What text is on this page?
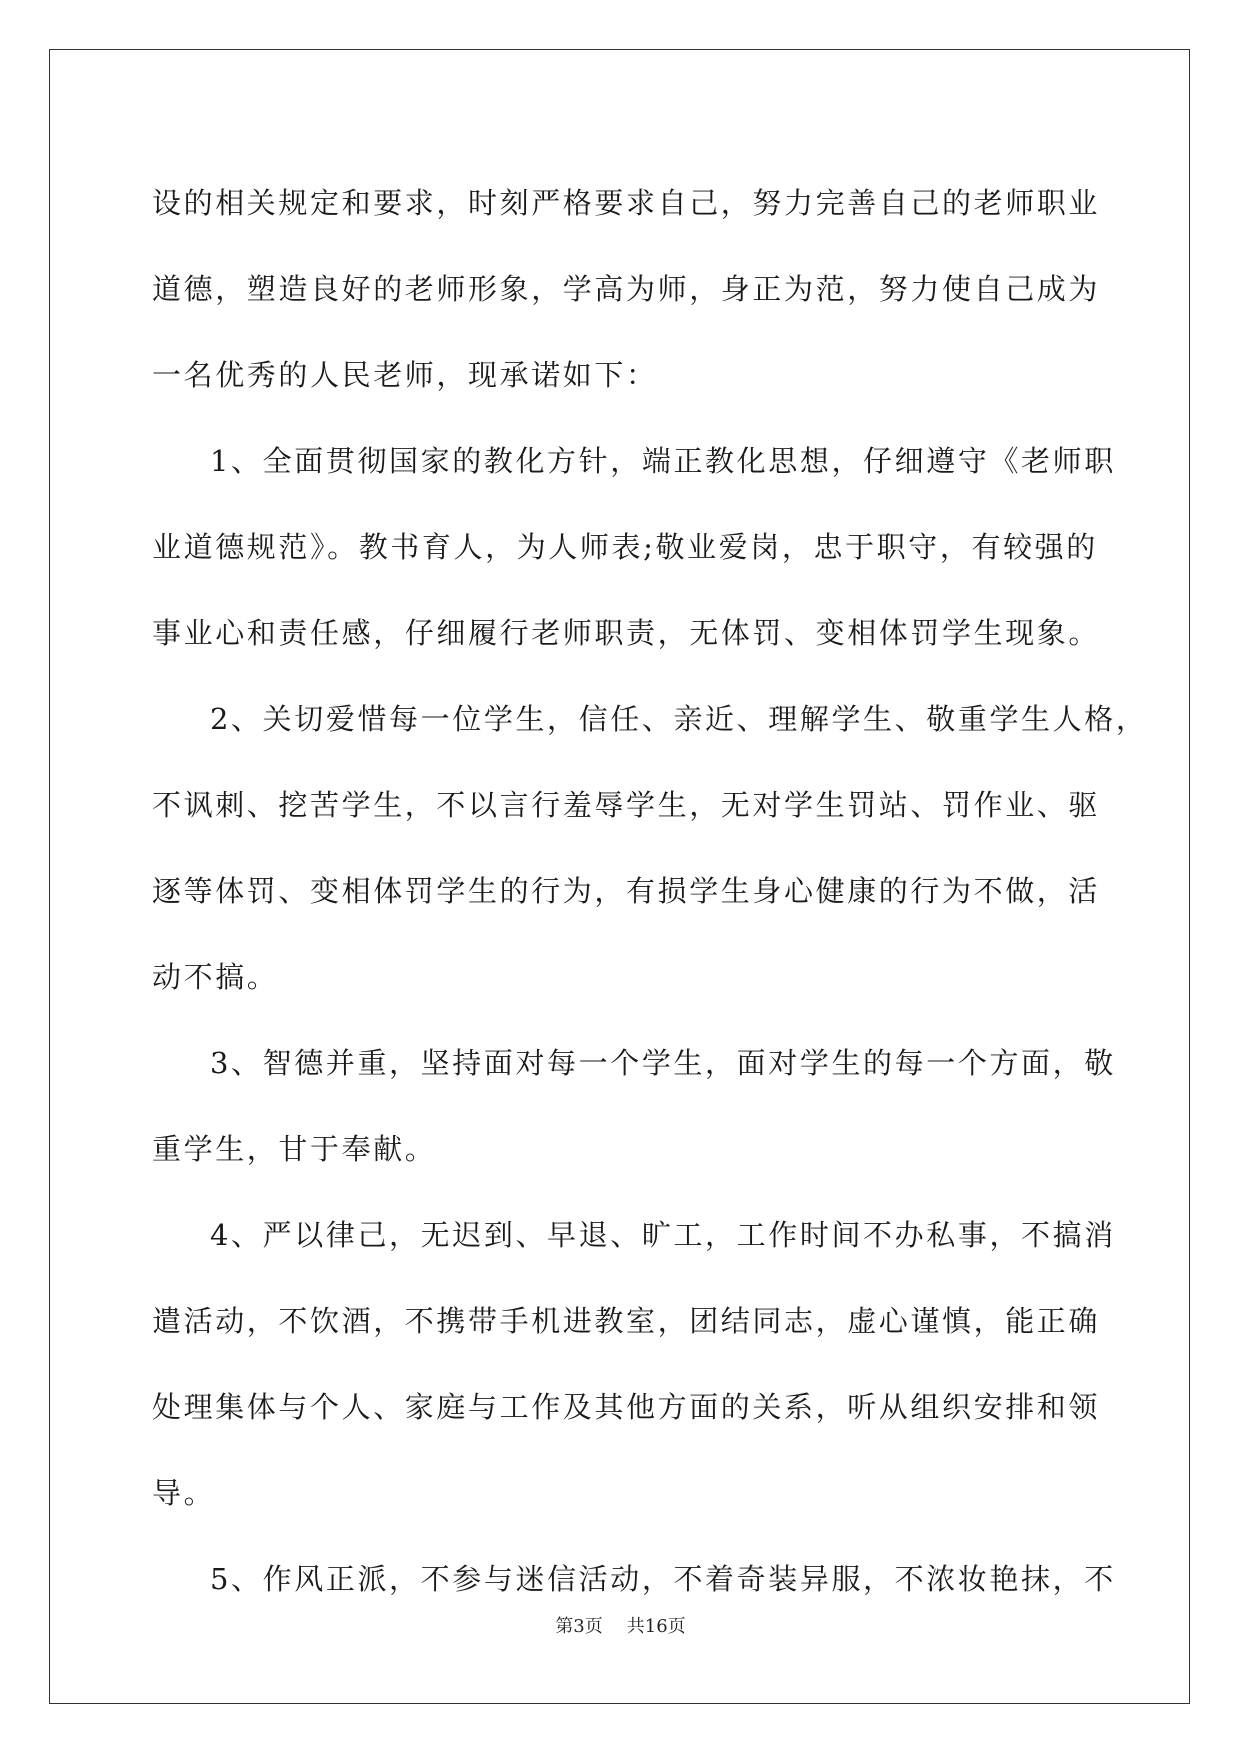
设的相关规定和要求，时刻严格要求自己，努力完善自己的老师职业
道德，塑造良好的老师形象，学高为师，身正为范，努力使自己成为
一名优秀的人民老师，现承诺如下：
1、全面贯彻国家的教化方针，端正教化思想，仔细遵守《老师职
业道德规范》。教书育人，为人师表;敬业爱岗，忠于职守，有较强的
事业心和责任感，仔细履行老师职责，无体罚、变相体罚学生现象。
2、关切爱惜每一位学生，信任、亲近、理解学生、敬重学生人格，
不讽刺、挖苦学生，不以言行羞辱学生，无对学生罚站、罚作业、驱
逐等体罚、变相体罚学生的行为，有损学生身心健康的行为不做，活
动不搞。
3、智德并重，坚持面对每一个学生，面对学生的每一个方面，敬
重学生，甘于奉献。
4、严以律己，无迟到、早退、旷工，工作时间不办私事，不搞消
遣活动，不饮酒，不携带手机进教室，团结同志，虚心谨慎，能正确
处理集体与个人、家庭与工作及其他方面的关系，听从组织安排和领
导。
5、作风正派，不参与迷信活动，不着奇装异服，不浓妆艳抹，不
第3页 共16页
